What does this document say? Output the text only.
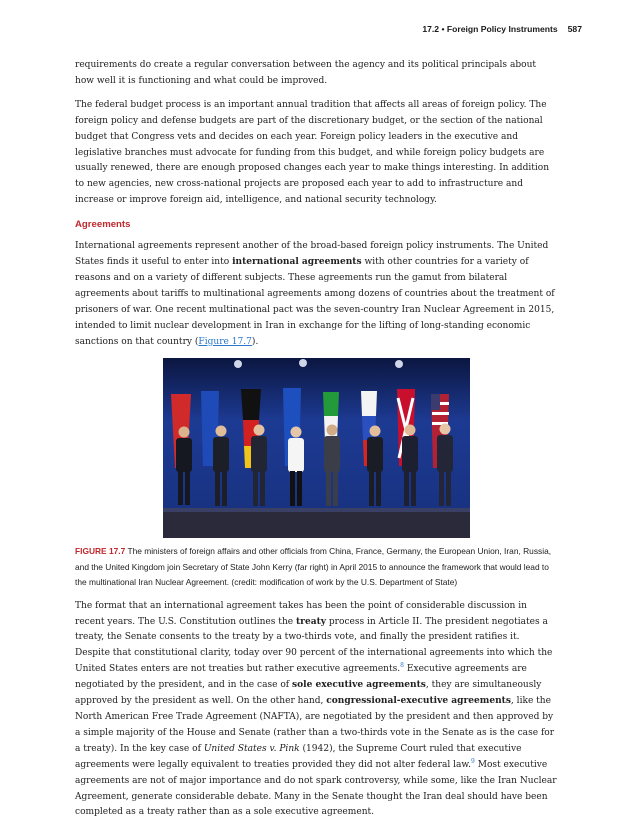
17.2 • Foreign Policy Instruments 587

requirements do create a regular conversation between the agency and its political principals about how well it is functioning and what could be improved.

The federal budget process is an important annual tradition that affects all areas of foreign policy. The foreign policy and defense budgets are part of the discretionary budget, or the section of the national budget that Congress vets and decides on each year. Foreign policy leaders in the executive and legislative branches must advocate for funding from this budget, and while foreign policy budgets are usually renewed, there are enough proposed changes each year to make things interesting. In addition to new agencies, new cross-national projects are proposed each year to add to infrastructure and increase or improve foreign aid, intelligence, and national security technology.

Agreements

International agreements represent another of the broad-based foreign policy instruments. The United States finds it useful to enter into international agreements with other countries for a variety of reasons and on a variety of different subjects. These agreements run the gamut from bilateral agreements about tariffs to multinational agreements among dozens of countries about the treatment of prisoners of war. One recent multinational pact was the seven-country Iran Nuclear Agreement in 2015, intended to limit nuclear development in Iran in exchange for the lifting of long-standing economic sanctions on that country (Figure 17.7).

FIGURE 17.7 The ministers of foreign affairs and other officials from China, France, Germany, the European Union, Iran, Russia, and the United Kingdom join Secretary of State John Kerry (far right) in April 2015 to announce the framework that would lead to the multinational Iran Nuclear Agreement. (credit: modification of work by the U.S. Department of State)

The format that an international agreement takes has been the point of considerable discussion in recent years. The U.S. Constitution outlines the treaty process in Article II. The president negotiates a treaty, the Senate consents to the treaty by a two-thirds vote, and finally the president ratifies it. Despite that constitutional clarity, today over 90 percent of the international agreements into which the United States enters are not treaties but rather executive agreements.$^8$ Executive agreements are negotiated by the president, and in the case of sole executive agreements, they are simultaneously approved by the president as well. On the other hand, congressional-executive agreements, like the North American Free Trade Agreement (NAFTA), are negotiated by the president and then approved by a simple majority of the House and Senate (rather than a two-thirds vote in the Senate as is the case for a treaty). In the key case of United States v. Pink (1942), the Supreme Court ruled that executive agreements were legally equivalent to treaties provided they did not alter federal law.$^9$ Most executive agreements are not of major importance and do not spark controversy, while some, like the Iran Nuclear Agreement, generate considerable debate. Many in the Senate thought the Iran deal should have been completed as a treaty rather than as a sole executive agreement.
